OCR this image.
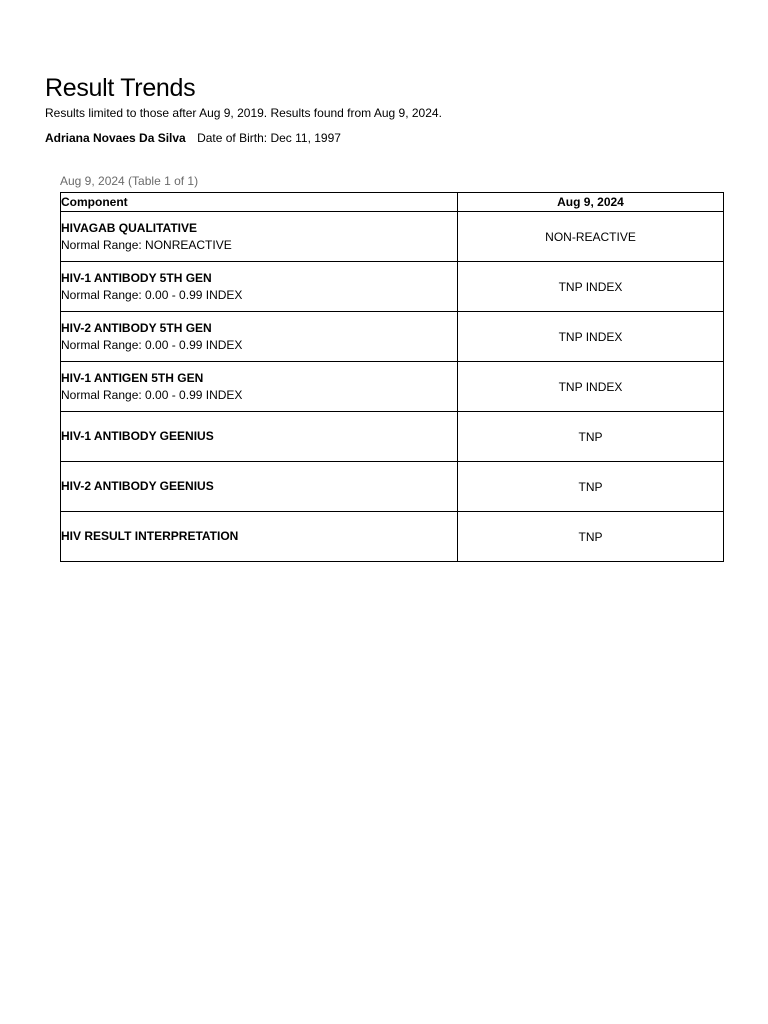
Result Trends
Results limited to those after Aug 9, 2019. Results found from Aug 9, 2024.
Adriana Novaes Da Silva Date of Birth: Dec 11, 1997
Aug 9, 2024 (Table 1 of 1)
Component	Aug 9, 2024

HIVAGAB QUALITATIVE
Normal Range: NONREACTIVE	NON-REACTIVE

HIV-1 ANTIBODY 5TH GEN
Normal Range: 0.00 - 0.99 INDEX	TNP INDEX

HIV-2 ANTIBODY 5TH GEN
Normal Range: 0.00 - 0.99 INDEX	TNP INDEX

HIV-1 ANTIGEN 5TH GEN
Normal Range: 0.00 - 0.99 INDEX	TNP INDEX

HIV-1 ANTIBODY GEENIUS	TNP

HIV-2 ANTIBODY GEENIUS	TNP

HIV RESULT INTERPRETATION	TNP
